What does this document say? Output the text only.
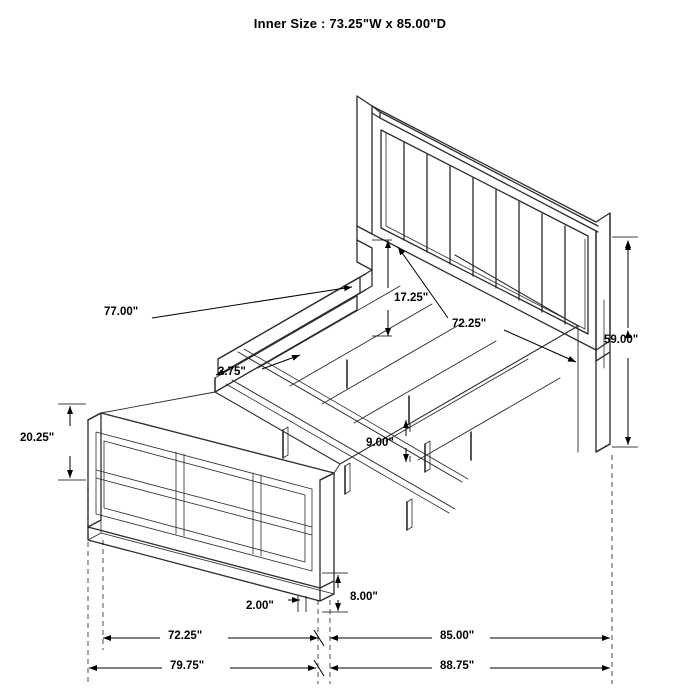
Inner Size : 73.25"W x 85.00"D
59.00"
20.25"
77.00"
17.25"
72.25"
3.75"
9.00"
8.00"
2.00"
72.25"	85.00"
79.75"	88.75"
